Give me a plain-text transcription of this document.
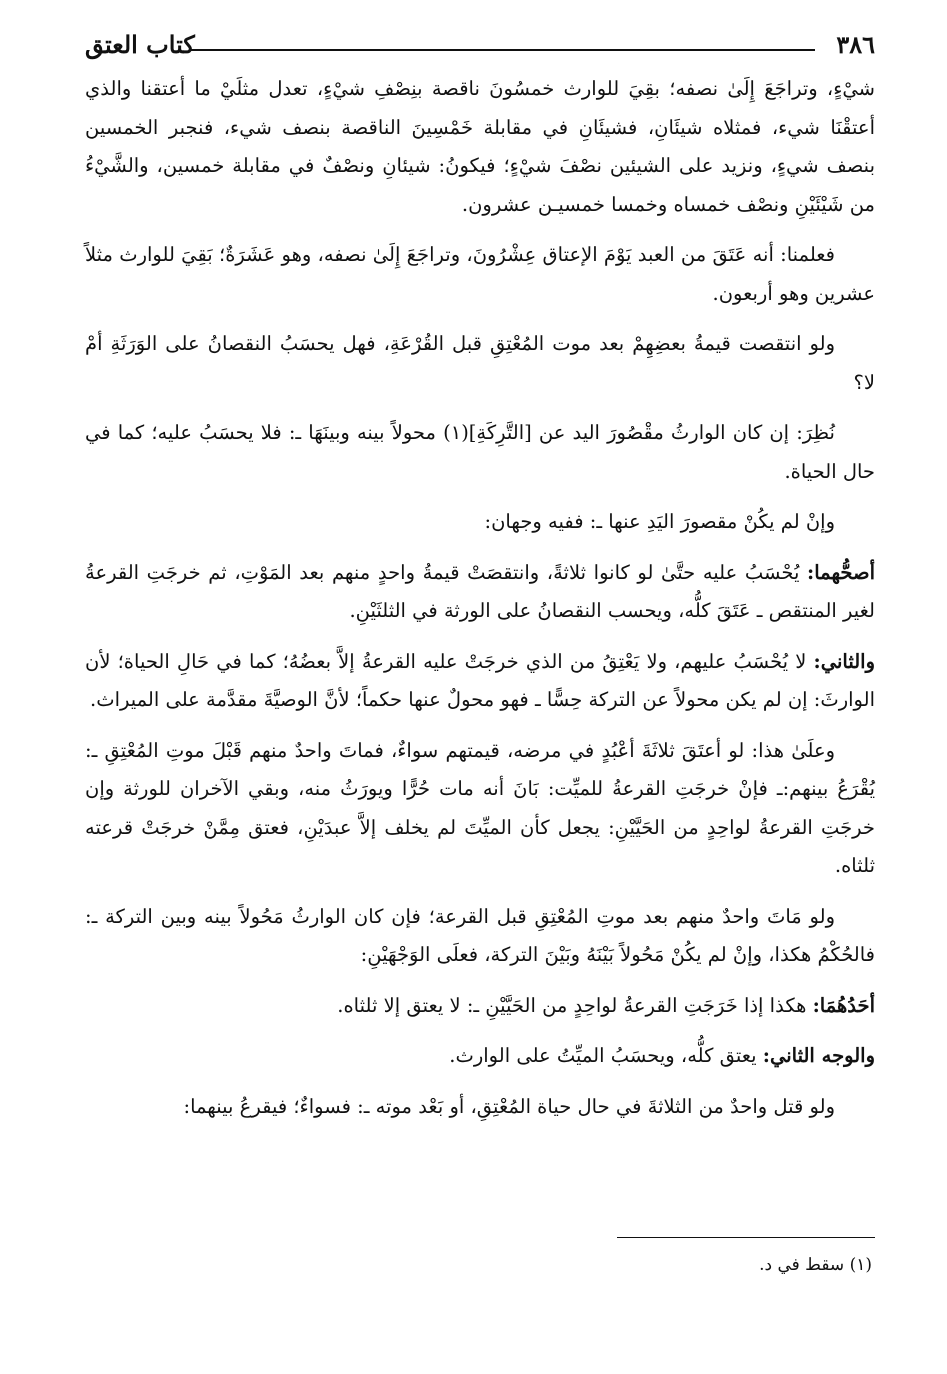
٣٨٦
كتاب العتق

شيْءٍ، وتراجَعَ إِلَىٰ نصفه؛ بقِيَ للوارث خمسُونَ ناقصة بنِصْفِ شيْءٍ، تعدل مثلَيْ ما أعتقنا والذي أعتقْنَا شيء، فمثلاه شيئَانِ، فشيئَانِ في مقابلة خَمْسِينَ الناقصة بنصف شيء، فنجبر الخمسين بنصف شيءٍ، ونزيد على الشيئين نصْفَ شيْءٍ؛ فيكونُ: شيئانِ ونصْفٌ في مقابلة خمسين، والشَّيْءُ من شَيْئَيْنِ ونصْف خمساه وخمسا خمسيـن عشرون.

فعلمنا: أنه عَتَقَ من العبد يَوْمَ الإعتاق عِشْرُونَ، وتراجَعَ إِلَىٰ نصفه، وهو عَشَرَةٌ؛ بَقِيَ للوارث مثلاً عشرين وهو أربعون.

ولو انتقصت قيمةُ بعضِهِمْ بعد موت المُعْتِقِ قبل القُرْعَةِ، فهل يحسَبُ النقصانُ على الوَرَثَةِ أمْ لا؟

نُظِرَ: إن كان الوارثُ مقْصُورَ اليد عن [التَّرِكَةِ](١) محولاً بينه وبينَهَا ـ: فلا يحسَبُ عليه؛ كما في حال الحياة.

وإنْ لم يكُنْ مقصورَ اليَدِ عنها ـ: ففيه وجهان:

أصحُّهما: يُحْسَبُ عليه حتَّىٰ لو كانوا ثلاثةً، وانتقصَتْ قيمةُ واحدٍ منهم بعد المَوْتِ، ثم خرجَتِ القرعةُ لغير المنتقص ـ عَتَقَ كلُّه، ويحسب النقصانُ على الورثة في الثلثَيْنِ.

والثاني: لا يُحْسَبُ عليهم، ولا يَعْتِقُ من الذي خرجَتْ عليه القرعةُ إلاَّ بعضُهُ؛ كما في حَالِ الحياة؛ لأن الوارثَ: إن لم يكن محولاً عن التركة حِسًّا ـ فهو محولٌ عنها حكماً؛ لأنَّ الوصيَّةَ مقدَّمة على الميراث.

وعلَىٰ هذا: لو أعتَقَ ثلاثَةَ أعْبُدٍ في مرضه، قيمتهم سواءٌ، فماتَ واحدٌ منهم قَبْلَ موتِ المُعْتِقِ ـ: يُقْرَعُ بينهم:ـ فإنْ خرجَتِ القرعةُ للميِّت: بَانَ أنه مات حُرًّا ويورَثُ منه، وبقي الآخران للورثة وإن خرجَتِ القرعةُ لواحِدٍ من الحَيَّيْنِ: يجعل كأن الميِّتَ لم يخلف إلاَّ عبدَيْنِ، فعتق مِمَّنْ خرجَتْ قرعته ثلثاه.

ولو مَاتَ واحدٌ منهم بعد موتِ المُعْتِقِ قبل القرعة؛ فإن كان الوارثُ مَحُولاً بينه وبين التركة ـ: فالحُكْمُ هكذا، وإنْ لم يكُنْ مَحُولاً بَيْنَهُ وبَيْنَ التركة، فعلَى الوَجْهَيْنِ:

أحَدُهُمَا: هكذا إذا خَرَجَتِ القرعةُ لواحِدٍ من الحَيَّيْنِ ـ: لا يعتق إلا ثلثاه.

والوجه الثاني: يعتق كلُّه، ويحسَبُ الميِّتُ على الوارث.

ولو قتل واحدٌ من الثلاثةَ في حال حياة المُعْتِقِ، أو بَعْد موته ـ: فسواءٌ؛ فيقرعُ بينهما:

(١) سقط في د.
